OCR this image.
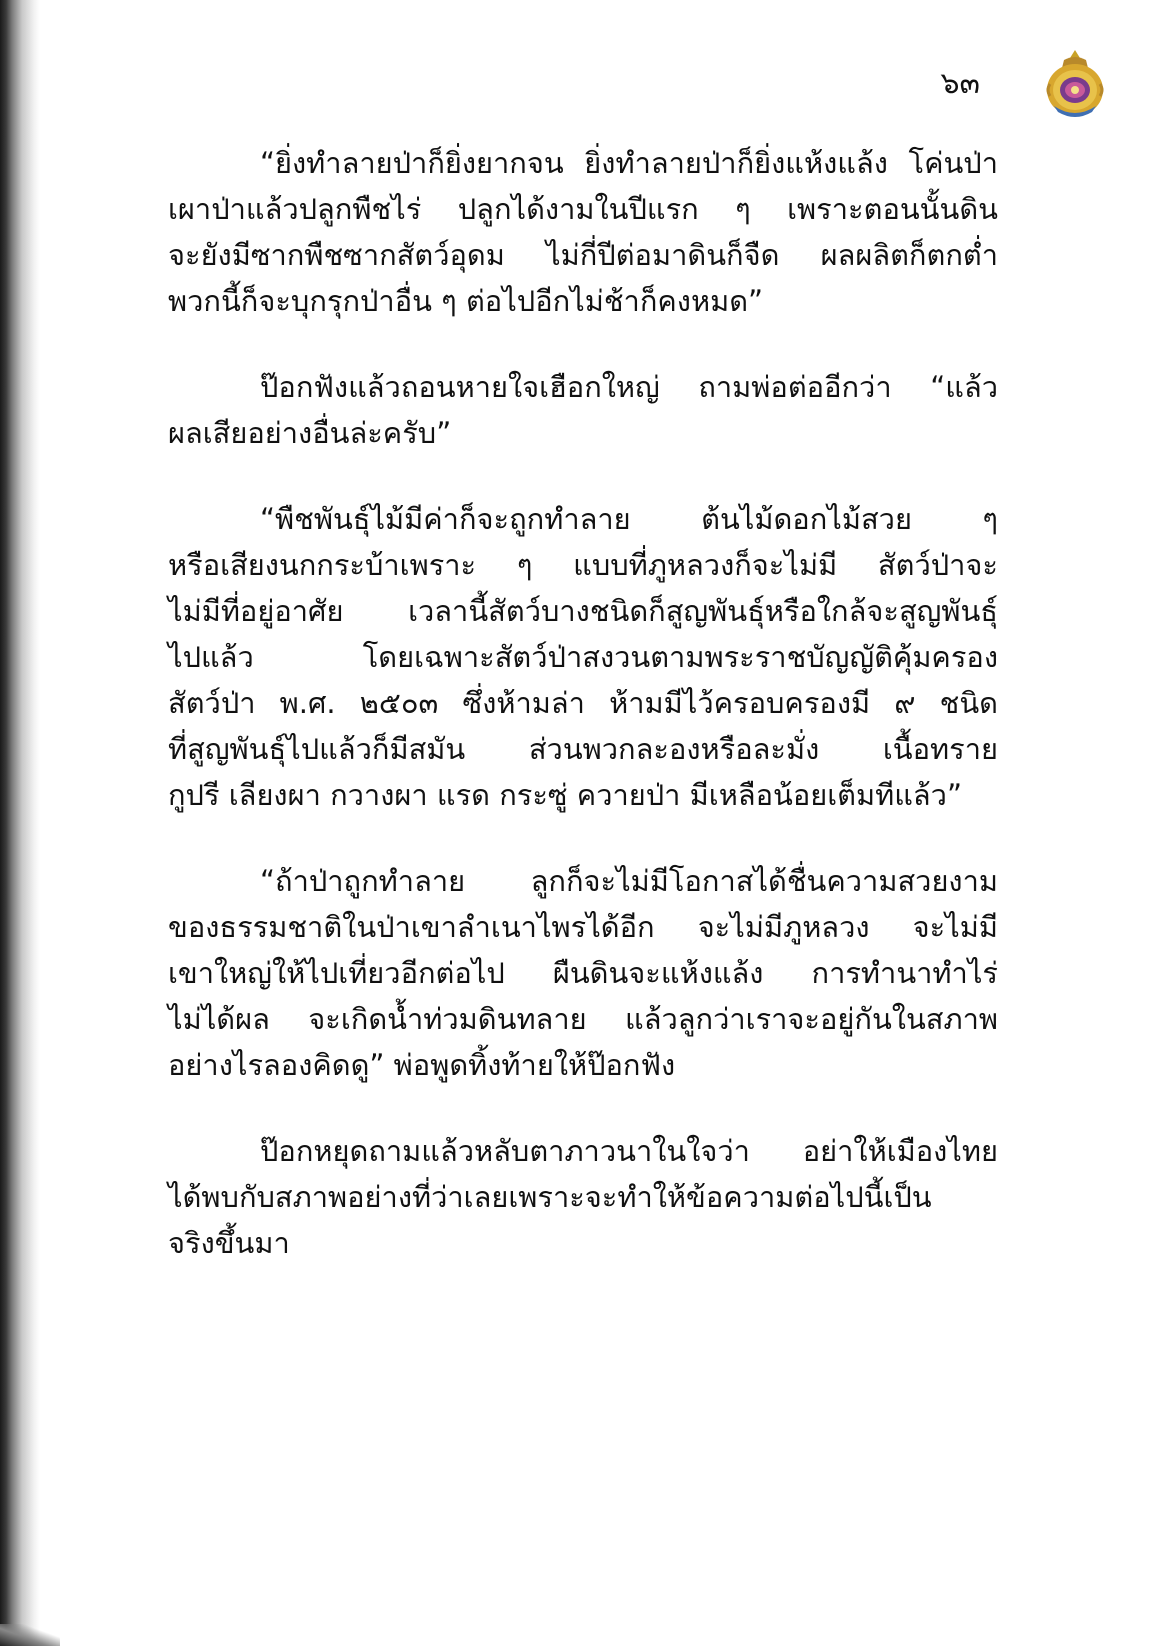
๖๓
“ยิ่งทำลายป่าก็ยิ่งยากจน ยิ่งทำลายป่าก็ยิ่งแห้งแล้ง โค่นป่า
เผาป่าแล้วปลูกพืชไร่ ปลูกได้งามในปีแรก ๆ เพราะตอนนั้นดิน
จะยังมีซากพืชซากสัตว์อุดม ไม่กี่ปีต่อมาดินก็จืด ผลผลิตก็ตกต่ำ
พวกนี้ก็จะบุกรุกป่าอื่น ๆ ต่อไปอีกไม่ช้าก็คงหมด”
ป๊อกฟังแล้วถอนหายใจเฮือกใหญ่ ถามพ่อต่ออีกว่า “แล้ว
ผลเสียอย่างอื่นล่ะครับ”
“พืชพันธุ์ไม้มีค่าก็จะถูกทำลาย ต้นไม้ดอกไม้สวย ๆ
หรือเสียงนกกระบ้าเพราะ ๆ แบบที่ภูหลวงก็จะไม่มี สัตว์ป่าจะ
ไม่มีที่อยู่อาศัย เวลานี้สัตว์บางชนิดก็สูญพันธุ์หรือใกล้จะสูญพันธุ์
ไปแล้ว โดยเฉพาะสัตว์ป่าสงวนตามพระราชบัญญัติคุ้มครอง
สัตว์ป่า พ.ศ. ๒๕๐๓ ซึ่งห้ามล่า ห้ามมีไว้ครอบครองมี ๙ ชนิด
ที่สูญพันธุ์ไปแล้วก็มีสมัน ส่วนพวกละองหรือละมั่ง เนื้อทราย
กูปรี เลียงผา กวางผา แรด กระซู่ ควายป่า มีเหลือน้อยเต็มทีแล้ว”
“ถ้าป่าถูกทำลาย ลูกก็จะไม่มีโอกาสได้ชื่นความสวยงาม
ของธรรมชาติในป่าเขาลำเนาไพรได้อีก จะไม่มีภูหลวง จะไม่มี
เขาใหญ่ให้ไปเที่ยวอีกต่อไป ผืนดินจะแห้งแล้ง การทำนาทำไร่
ไม่ได้ผล จะเกิดน้ำท่วมดินทลาย แล้วลูกว่าเราจะอยู่กันในสภาพ
อย่างไรลองคิดดู” พ่อพูดทิ้งท้ายให้ป๊อกฟัง
ป๊อกหยุดถามแล้วหลับตาภาวนาในใจว่า อย่าให้เมืองไทย
ได้พบกับสภาพอย่างที่ว่าเลยเพราะจะทำให้ข้อความต่อไปนี้เป็น
จริงขึ้นมา
